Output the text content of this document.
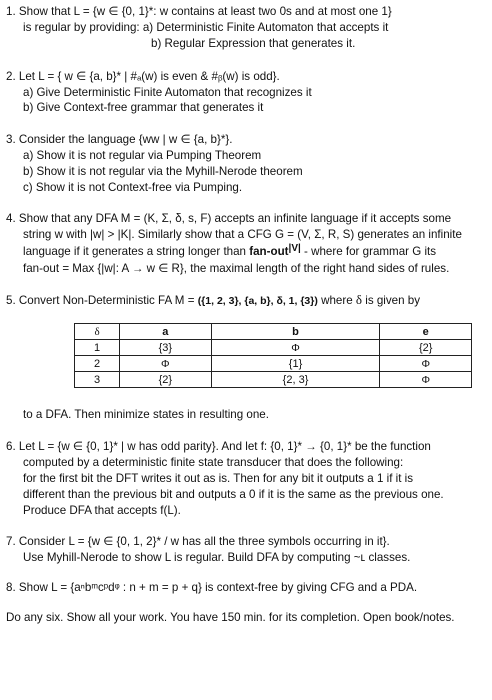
1. Show that L = {w ∈ {0, 1}*: w contains at least two 0s and at most one 1}
is regular by providing: a) Deterministic Finite Automaton that accepts it
b) Regular Expression that generates it.
2. Let L = { w ∈ {a, b}* | #ₐ(w) is even & #ᵦ(w) is odd}.
a) Give Deterministic Finite Automaton that recognizes it
b) Give Context-free grammar that generates it
3. Consider the language {ww | w ∈ {a, b}*}.
a) Show it is not regular via Pumping Theorem
b) Show it is not regular via the Myhill-Nerode theorem
c) Show it is not Context-free via Pumping.
4. Show that any DFA M = (K, Σ, δ, s, F) accepts an infinite language if it accepts some
string w with |w| > |K|. Similarly show that a CFG G = (V, Σ, R, S) generates an infinite
language if it generates a string longer than fan-out|V| - where for grammar G its
fan-out = Max {|w|: A → w ∈ R}, the maximal length of the right hand sides of rules.
5. Convert Non-Deterministic FA M = ({1, 2, 3}, {a, b}, δ, 1, {3}) where δ is given by
δ	a	b	e
1	{3}	Φ	{2}
2	Φ	{1}	Φ
3	{2}	{2, 3}	Φ
to a DFA. Then minimize states in resulting one.
6. Let L = {w ∈ {0, 1}* | w has odd parity}. And let f: {0, 1}* → {0, 1}* be the function
computed by a deterministic finite state transducer that does the following:
for the first bit the DFT writes it out as is. Then for any bit it outputs a 1 if it is
different than the previous bit and outputs a 0 if it is the same as the previous one.
Produce DFA that accepts f(L).
7. Consider L = {w ∈ {0, 1, 2}* / w has all the three symbols occurring in it}.
Use Myhill-Nerode to show L is regular. Build DFA by computing ~ʟ classes.
8. Show L = {aⁿbᵐcᵖdᵠ : n + m = p + q} is context-free by giving CFG and a PDA.
Do any six. Show all your work. You have 150 min. for its completion. Open book/notes.
